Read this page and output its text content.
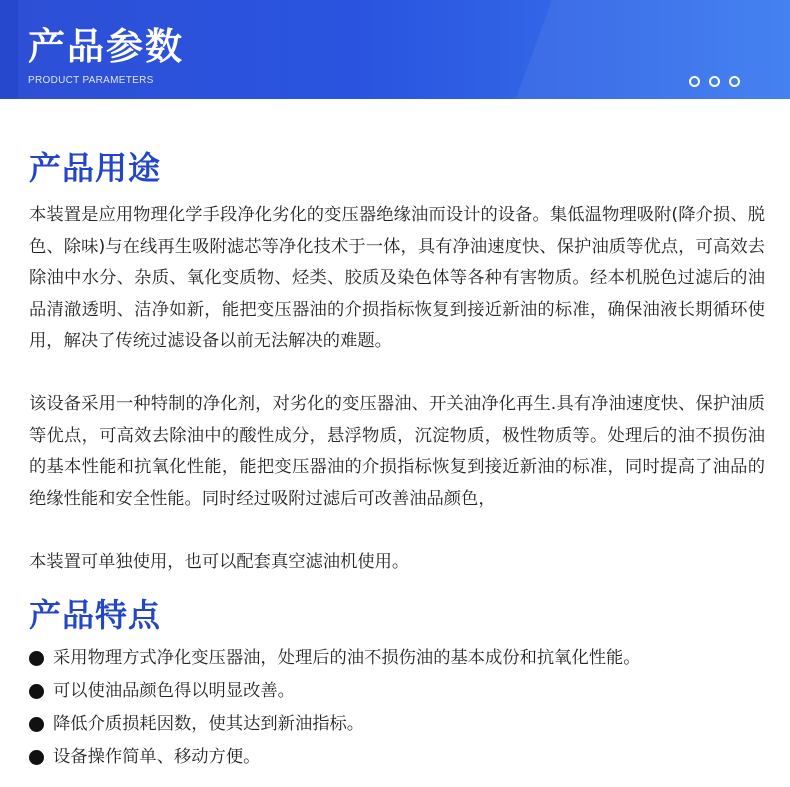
产品参数
PRODUCT PARAMETERS
产品用途

本装置是应用物理化学手段净化劣化的变压器绝缘油而设计的设备。集低温物理吸附(降介损、脱色、除味)与在线再生吸附滤芯等净化技术于一体，具有净油速度快、保护油质等优点，可高效去除油中水分、杂质、氧化变质物、烃类、胶质及染色体等各种有害物质。经本机脱色过滤后的油品清澈透明、洁净如新，能把变压器油的介损指标恢复到接近新油的标准，确保油液长期循环使用，解决了传统过滤设备以前无法解决的难题。

该设备采用一种特制的净化剂，对劣化的变压器油、开关油净化再生.具有净油速度快、保护油质等优点，可高效去除油中的酸性成分，悬浮物质，沉淀物质，极性物质等。处理后的油不损伤油的基本性能和抗氧化性能，能把变压器油的介损指标恢复到接近新油的标准，同时提高了油品的绝缘性能和安全性能。同时经过吸附过滤后可改善油品颜色，

本装置可单独使用，也可以配套真空滤油机使用。

产品特点
采用物理方式净化变压器油，处理后的油不损伤油的基本成份和抗氧化性能。
可以使油品颜色得以明显改善。
降低介质损耗因数，使其达到新油指标。
设备操作简单、移动方便。
